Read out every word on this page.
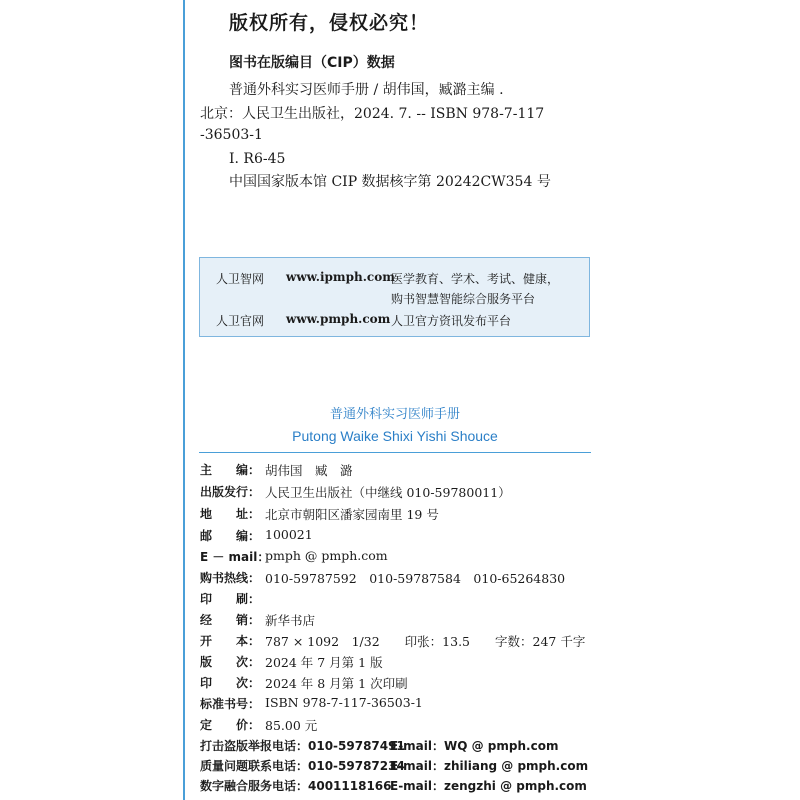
版权所有，侵权必究！
图书在版编目（CIP）数据
普通外科实习医师手册 / 胡伟国，臧潞主编 .
北京：人民卫生出版社，2024. 7. -- ISBN 978-7-117
-36503-1
I. R6-45
中国国家版本馆 CIP 数据核字第 20242CW354 号
人卫智网 www.ipmph.com
医学教育、学术、考试、健康，
购书智慧智能综合服务平台
人卫官网 www.pmph.com 人卫官方资讯发布平台
普通外科实习医师手册
Putong Waike Shixi Yishi Shouce
主　　编： 胡伟国　臧　潞
出版发行： 人民卫生出版社（中继线 010-59780011）
地　　址： 北京市朝阳区潘家园南里 19 号
邮　　编： 100021
E － mail：
pmph @ pmph.com
购书热线： 010-59787592　010-59787584　010-65264830
印　　刷：
经　　销： 新华书店
开　　本： 787 × 1092　1/32　　印张：13.5　　字数：247 千字
版　　次： 2024 年 7 月第 1 版
印　　次： 2024 年 8 月第 1 次印刷
标准书号： ISBN 978-7-117-36503-1
定　　价： 85.00 元
打击盗版举报电话：010-59787491
E-mail：WQ @ pmph.com
质量问题联系电话：010-59787234
E-mail：zhiliang @ pmph.com
数字融合服务电话：4001118166
E-mail：zengzhi @ pmph.com
